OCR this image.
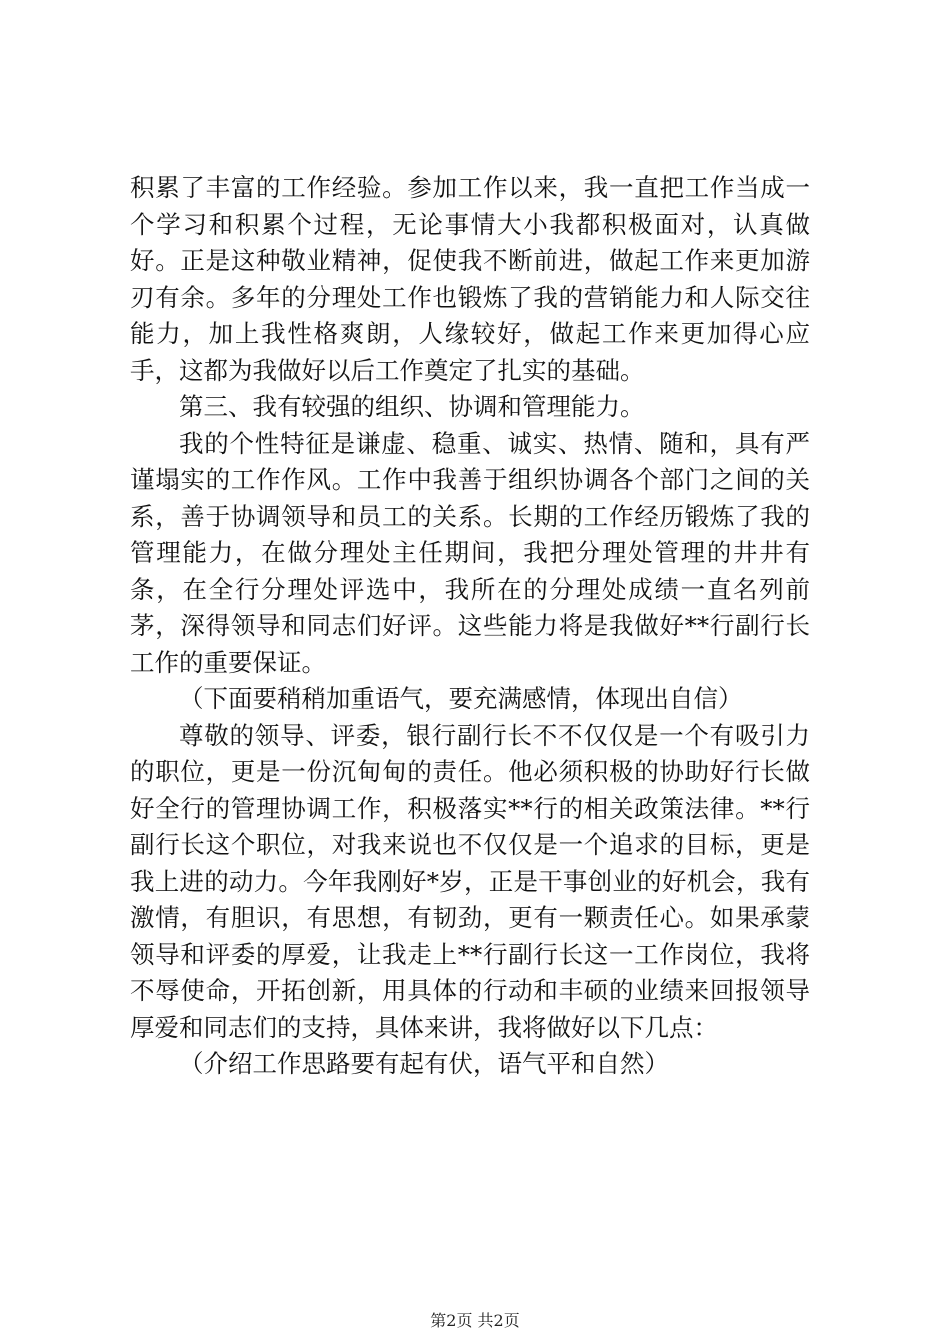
积累了丰富的工作经验。参加工作以来，我一直把工作当成一个学习和积累个过程，无论事情大小我都积极面对，认真做好。正是这种敬业精神，促使我不断前进，做起工作来更加游刃有余。多年的分理处工作也锻炼了我的营销能力和人际交往能力，加上我性格爽朗，人缘较好，做起工作来更加得心应手，这都为我做好以后工作奠定了扎实的基础。

第三、我有较强的组织、协调和管理能力。

我的个性特征是谦虚、稳重、诚实、热情、随和，具有严谨塌实的工作作风。工作中我善于组织协调各个部门之间的关系，善于协调领导和员工的关系。长期的工作经历锻炼了我的管理能力，在做分理处主任期间，我把分理处管理的井井有条，在全行分理处评选中，我所在的分理处成绩一直名列前茅，深得领导和同志们好评。这些能力将是我做好**行副行长工作的重要保证。

（下面要稍稍加重语气，要充满感情，体现出自信）

尊敬的领导、评委，银行副行长不不仅仅是一个有吸引力的职位，更是一份沉甸甸的责任。他必须积极的协助好行长做好全行的管理协调工作，积极落实**行的相关政策法律。**行副行长这个职位，对我来说也不仅仅是一个追求的目标，更是我上进的动力。今年我刚好*岁，正是干事创业的好机会，我有激情，有胆识，有思想，有韧劲，更有一颗责任心。如果承蒙领导和评委的厚爱，让我走上**行副行长这一工作岗位，我将不辱使命，开拓创新，用具体的行动和丰硕的业绩来回报领导厚爱和同志们的支持，具体来讲，我将做好以下几点：

（介绍工作思路要有起有伏，语气平和自然）

第2页 共2页
